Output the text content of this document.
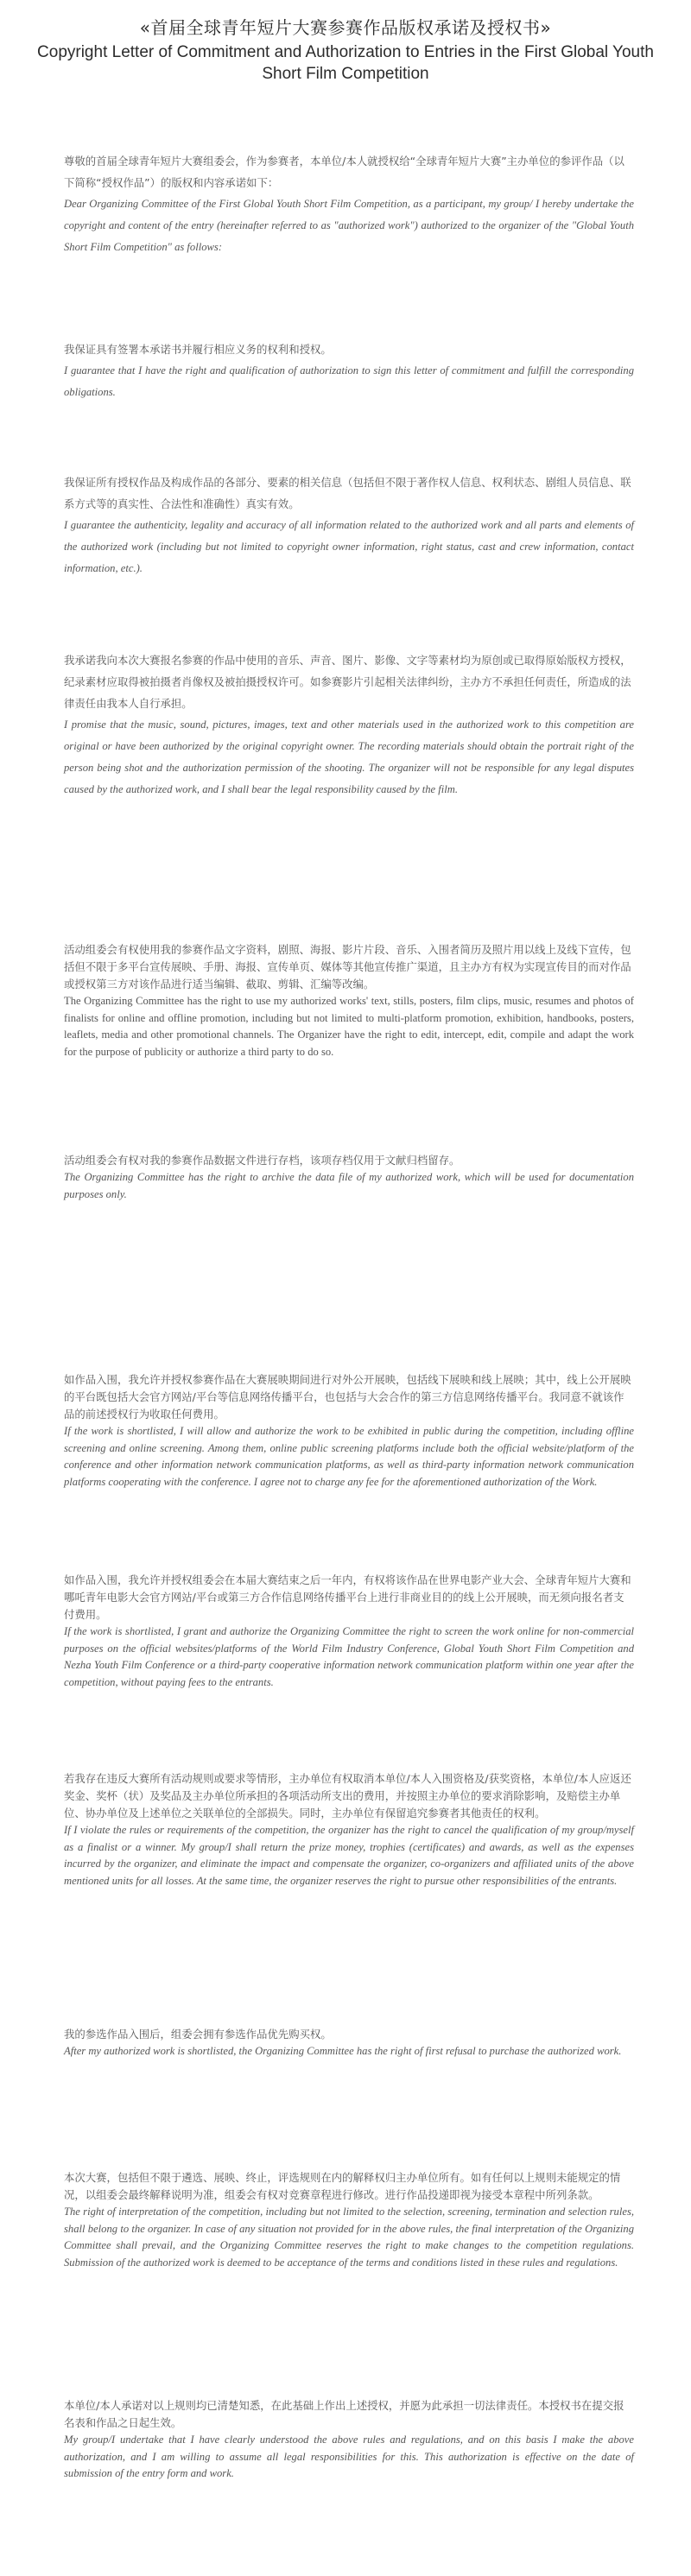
«首届全球青年短片大赛参赛作品版权承诺及授权书»
Copyright Letter of Commitment and Authorization to Entries in the First Global Youth Short Film Competition

尊敬的首届全球青年短片大赛组委会，作为参赛者，本单位/本人就授权给“全球青年短片大赛”主办单位的参评作品（以下简称“授权作品”）的版权和内容承诺如下：

Dear Organizing Committee of the First Global Youth Short Film Competition, as a participant, my group/ I hereby undertake the copyright and content of the entry (hereinafter referred to as "authorized work") authorized to the organizer of the "Global Youth Short Film Competition" as follows:

我保证具有签署本承诺书并履行相应义务的权利和授权。

I guarantee that I have the right and qualification of authorization to sign this letter of commitment and fulfill the corresponding obligations.

我保证所有授权作品及构成作品的各部分、要素的相关信息（包括但不限于著作权人信息、权利状态、剧组人员信息、联系方式等的真实性、合法性和准确性）真实有效。

I guarantee the authenticity, legality and accuracy of all information related to the authorized work and all parts and elements of the authorized work (including but not limited to copyright owner information, right status, cast and crew information, contact information, etc.).

我承诺我向本次大赛报名参赛的作品中使用的音乐、声音、图片、影像、文字等素材均为原创或已取得原始版权方授权，纪录素材应取得被拍摄者肖像权及被拍摄授权许可。如参赛影片引起相关法律纠纷，主办方不承担任何责任，所造成的法律责任由我本人自行承担。

I promise that the music, sound, pictures, images, text and other materials used in the authorized work to this competition are original or have been authorized by the original copyright owner. The recording materials should obtain the portrait right of the person being shot and the authorization permission of the shooting. The organizer will not be responsible for any legal disputes caused by the authorized work, and I shall bear the legal responsibility caused by the film.

活动组委会有权使用我的参赛作品文字资料，剧照、海报、影片片段、音乐、入围者简历及照片用以线上及线下宣传，包括但不限于多平台宣传展映、手册、海报、宣传单页、媒体等其他宣传推广渠道，且主办方有权为实现宣传目的而对作品或授权第三方对该作品进行适当编辑、截取、剪辑、汇编等改编。

The Organizing Committee has the right to use my authorized works' text, stills, posters, film clips, music, resumes and photos of finalists for online and offline promotion, including but not limited to multi-platform promotion, exhibition, handbooks, posters, leaflets, media and other promotional channels. The Organizer have the right to edit, intercept, edit, compile and adapt the work for the purpose of publicity or authorize a third party to do so.

活动组委会有权对我的参赛作品数据文件进行存档，该项存档仅用于文献归档留存。

The Organizing Committee has the right to archive the data file of my authorized work, which will be used for documentation purposes only.

如作品入围，我允许并授权参赛作品在大赛展映期间进行对外公开展映，包括线下展映和线上展映；其中，线上公开展映的平台既包括大会官方网站/平台等信息网络传播平台，也包括与大会合作的第三方信息网络传播平台。我同意不就该作品的前述授权行为收取任何费用。

If the work is shortlisted, I will allow and authorize the work to be exhibited in public during the competition, including offline screening and online screening. Among them, online public screening platforms include both the official website/platform of the conference and other information network communication platforms, as well as third-party information network communication platforms cooperating with the conference. I agree not to charge any fee for the aforementioned authorization of the Work.

如作品入围，我允许并授权组委会在本届大赛结束之后一年内，有权将该作品在世界电影产业大会、全球青年短片大赛和哪吒青年电影大会官方网站/平台或第三方合作信息网络传播平台上进行非商业目的的线上公开展映，而无须向报名者支付费用。

If the work is shortlisted, I grant and authorize the Organizing Committee the right to screen the work online for non-commercial purposes on the official websites/platforms of the World Film Industry Conference, Global Youth Short Film Competition and Nezha Youth Film Conference or a third-party cooperative information network communication platform within one year after the competition, without paying fees to the entrants.

若我存在违反大赛所有活动规则或要求等情形，主办单位有权取消本单位/本人入围资格及/获奖资格，本单位/本人应返还奖金、奖杯（状）及奖品及主办单位所承担的各项活动所支出的费用，并按照主办单位的要求消除影响，及赔偿主办单位、协办单位及上述单位之关联单位的全部损失。同时，主办单位有保留追究参赛者其他责任的权利。

If I violate the rules or requirements of the competition, the organizer has the right to cancel the qualification of my group/myself as a finalist or a winner. My group/I shall return the prize money, trophies (certificates) and awards, as well as the expenses incurred by the organizer, and eliminate the impact and compensate the organizer, co-organizers and affiliated units of the above mentioned units for all losses. At the same time, the organizer reserves the right to pursue other responsibilities of the entrants.

我的参选作品入围后，组委会拥有参选作品优先购买权。

After my authorized work is shortlisted, the Organizing Committee has the right of first refusal to purchase the authorized work.

本次大赛，包括但不限于遴选、展映、终止，评选规则在内的解释权归主办单位所有。如有任何以上规则未能规定的情况，以组委会最终解释说明为准，组委会有权对竞赛章程进行修改。进行作品投递即视为接受本章程中所列条款。

The right of interpretation of the competition, including but not limited to the selection, screening, termination and selection rules, shall belong to the organizer. In case of any situation not provided for in the above rules, the final interpretation of the Organizing Committee shall prevail, and the Organizing Committee reserves the right to make changes to the competition regulations. Submission of the authorized work is deemed to be acceptance of the terms and conditions listed in these rules and regulations.

本单位/本人承诺对以上规则均已清楚知悉，在此基础上作出上述授权，并愿为此承担一切法律责任。本授权书在提交报名表和作品之日起生效。

My group/I undertake that I have clearly understood the above rules and regulations, and on this basis I make the above authorization, and I am willing to assume all legal responsibilities for this. This authorization is effective on the date of submission of the entry form and work.
